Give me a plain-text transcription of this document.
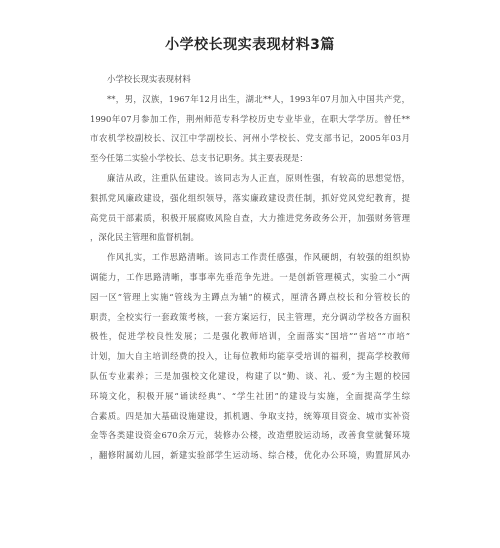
小学校长现实表现材料3篇
小学校长现实表现材料
**，男，汉族，1967年12月出生，湖北**人，1993年07月加入中国共产党，
1990年07月参加工作，荆州师范专科学校历史专业毕业，在职大学学历。曾任**
市农机学校副校长、汉江中学副校长、河州小学校长、党支部书记，2005年03月
至今任第二实验小学校长、总支书记职务。其主要表现是：
廉洁从政，注重队伍建设。该同志为人正直，原则性强，有较高的思想觉悟，
狠抓党风廉政建设，强化组织领导，落实廉政建设责任制，抓好党风党纪教育，提
高党员干部素质，积极开展腐败风险自查，大力推进党务政务公开，加强财务管理
，深化民主管理和监督机制。
作风扎实，工作思路清晰。该同志工作责任感强，作风硬朗，有较强的组织协
调能力，工作思路清晰，事事率先垂范争先进。一是创新管理模式，实验二小“两
园一区”管理上实施“管线为主蹲点为辅”的模式，厘清各蹲点校长和分管校长的
职责，全校实行一套政策考核，一套方案运行，民主管理，充分调动学校各方面积
极性，促进学校良性发展；二是强化教师培训，全面落实“国培”“省培”“市培”
计划，加大自主培训经费的投入，让每位教师均能享受培训的福利，提高学校教师
队伍专业素养；三是加强校文化建设，构建了以“勤、谈、礼、爱”为主题的校园
环境文化，积极开展“诵读经典”、“学生社团”的建设与实施，全面提高学生综
合素质。四是加大基础设施建设，抓机遇、争取支持，统筹项目资金、城市实补资
金等各类建设资金670余万元，装修办公楼，改造塑胶运动场，改善食堂就餐环境
，翻修附属幼儿园，新建实验部学生运动场、综合楼，优化办公环境，购置屏风办
